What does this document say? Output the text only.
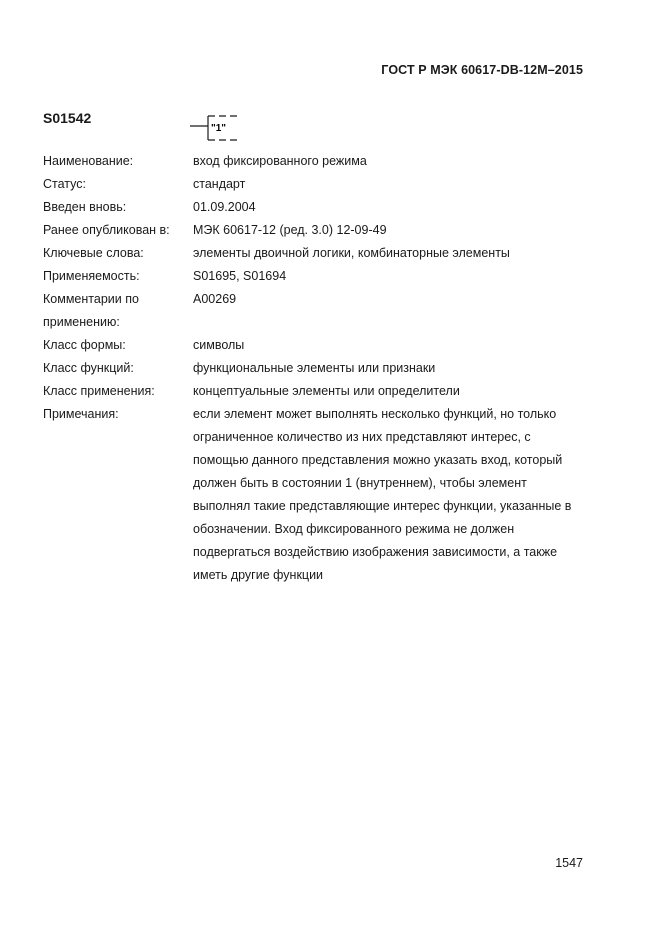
ГОСТ Р МЭК 60617-DB-12М–2015
S01542
"1"
Наименование:	вход фиксированного режима
Статус:	стандарт
Введен вновь:	01.09.2004
Ранее опубликован в:	МЭК 60617-12 (ред. 3.0) 12-09-49
Ключевые слова:	элементы двоичной логики, комбинаторные элементы
Применяемость:	S01695, S01694
Комментарии по применению:
A00269
Класс формы:	символы
Класс функций:	функциональные элементы или признаки
Класс применения:	концептуальные элементы или определители
Примечания:	если элемент может выполнять несколько функций, но только ограниченное количество из них представляют интерес, с помощью данного представления можно указать вход, который должен быть в состоянии 1 (внутреннем), чтобы элемент выполнял такие представляющие интерес функции, указанные в обозначении. Вход фиксированного режима не должен подвергаться воздействию изображения зависимости, а также иметь другие функции
1547
